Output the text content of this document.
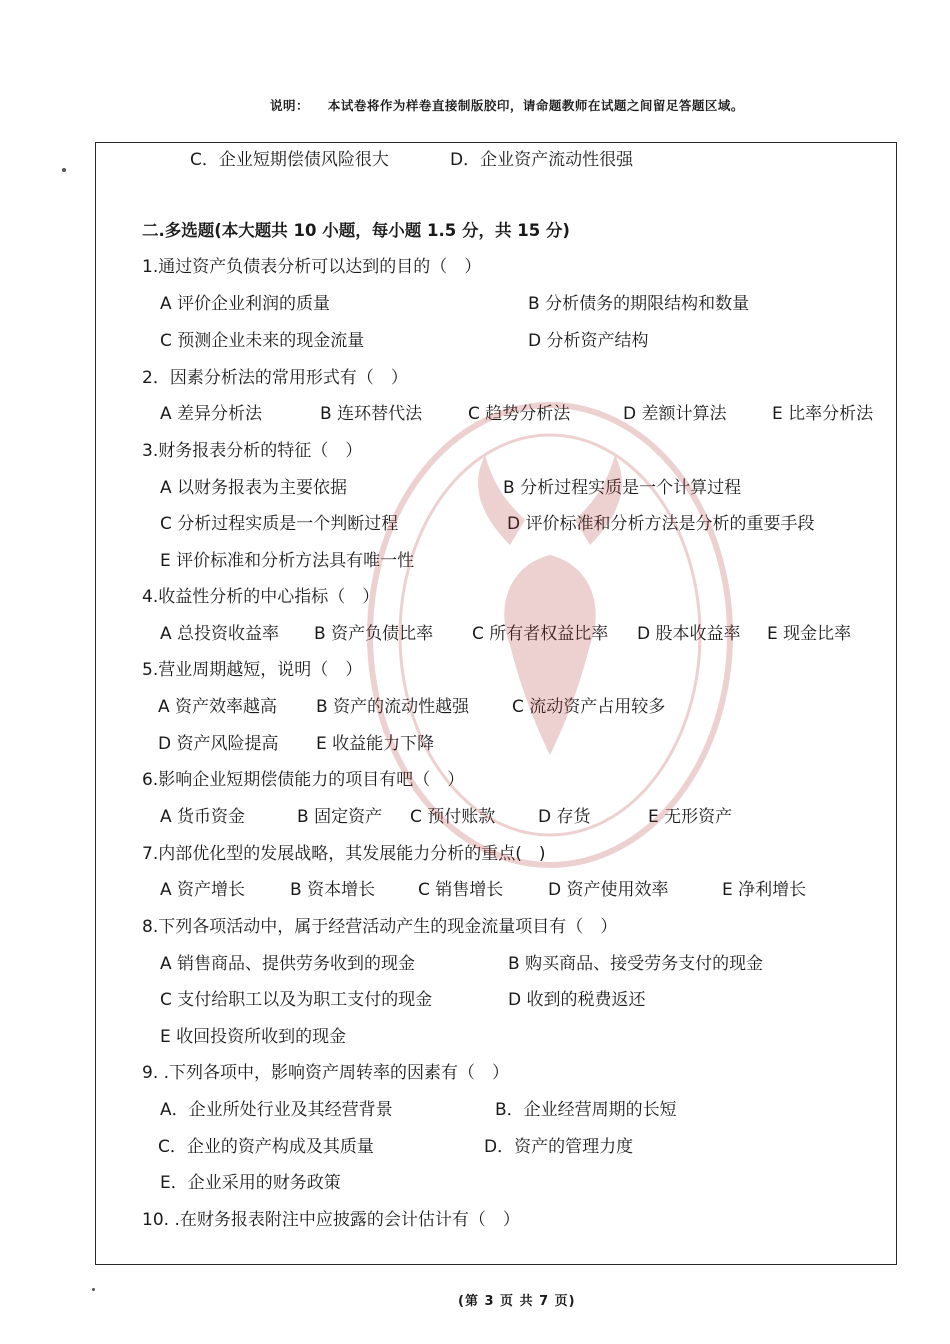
说明： 本试卷将作为样卷直接制版胶印，请命题教师在试题之间留足答题区域。
C．企业短期偿债风险很大	D．企业资产流动性很强
二.多选题(本大题共 10 小题，每小题 1.5 分，共 15 分)
1.通过资产负债表分析可以达到的目的（　）
A 评价企业利润的质量	B 分析债务的期限结构和数量
C 预测企业未来的现金流量	D 分析资产结构
2．因素分析法的常用形式有（　）
A 差异分析法	B 连环替代法	C 趋势分析法	D 差额计算法	E 比率分析法
3.财务报表分析的特征（　）
A 以财务报表为主要依据	B 分析过程实质是一个计算过程
C 分析过程实质是一个判断过程	D 评价标准和分析方法是分析的重要手段
E 评价标准和分析方法具有唯一性
4.收益性分析的中心指标（　）
A 总投资收益率 B 资产负债比率 C 所有者权益比率 D 股本收益率 E 现金比率
5.营业周期越短，说明（　）
A 资产效率越高 B 资产的流动性越强	C 流动资产占用较多
D 资产风险提高 E 收益能力下降
6.影响企业短期偿债能力的项目有吧（　）
A 货币资金	B 固定资产 C 预付账款	D 存货	E 无形资产
7.内部优化型的发展战略，其发展能力分析的重点(　)
A 资产增长	B 资本增长	C 销售增长	D 资产使用效率	E 净利增长
8.下列各项活动中，属于经营活动产生的现金流量项目有（　）
A 销售商品、提供劳务收到的现金	B 购买商品、接受劳务支付的现金
C 支付给职工以及为职工支付的现金	D 收到的税费返还
E 收回投资所收到的现金
9. .下列各项中，影响资产周转率的因素有（　）
A．企业所处行业及其经营背景	B．企业经营周期的长短
C．企业的资产构成及其质量	D．资产的管理力度
E．企业采用的财务政策
10. .在财务报表附注中应披露的会计估计有（　）
(第 3 页 共 7 页)
